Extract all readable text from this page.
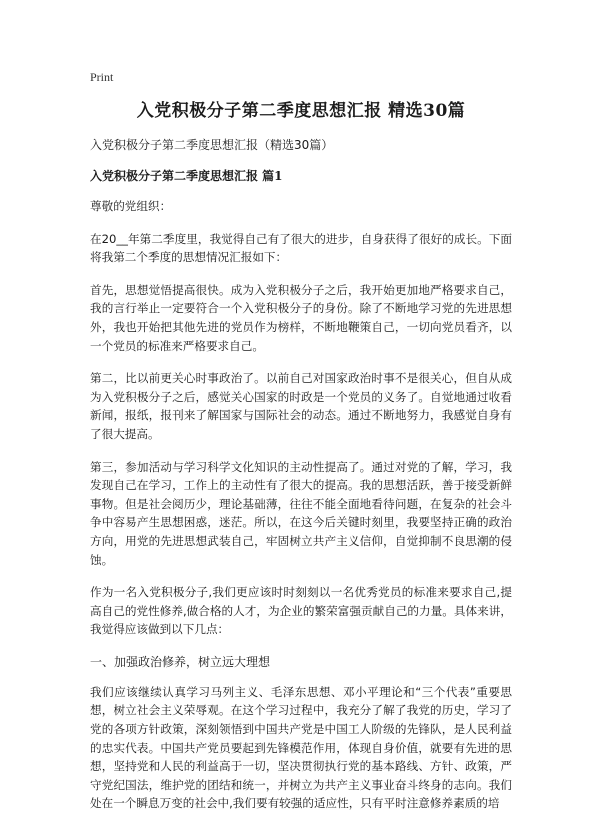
Print
入党积极分子第二季度思想汇报 精选30篇
入党积极分子第二季度思想汇报（精选30篇）
入党积极分子第二季度思想汇报 篇1

尊敬的党组织：

在20__年第二季度里，我觉得自己有了很大的进步，自身获得了很好的成长。下面将我第二个季度的思想情况汇报如下：

首先，思想觉悟提高很快。成为入党积极分子之后，我开始更加地严格要求自己，我的言行举止一定要符合一个入党积极分子的身份。除了不断地学习党的先进思想外，我也开始把其他先进的党员作为榜样，不断地鞭策自己，一切向党员看齐，以一个党员的标准来严格要求自己。

第二，比以前更关心时事政治了。以前自己对国家政治时事不是很关心，但自从成为入党积极分子之后，感觉关心国家的时政是一个党员的义务了。自觉地通过收看新闻，报纸，报刊来了解国家与国际社会的动态。通过不断地努力，我感觉自身有了很大提高。

第三，参加活动与学习科学文化知识的主动性提高了。通过对党的了解，学习，我发现自己在学习，工作上的主动性有了很大的提高。我的思想活跃，善于接受新鲜事物。但是社会阅历少，理论基础薄，往往不能全面地看待问题，在复杂的社会斗争中容易产生思想困惑，迷茫。所以，在这今后关键时刻里，我要坚持正确的政治方向，用党的先进思想武装自己，牢固树立共产主义信仰，自觉抑制不良思潮的侵蚀。

作为一名入党积极分子,我们更应该时时刻刻以一名优秀党员的标准来要求自己,提高自己的党性修养,做合格的人才，为企业的繁荣富强贡献自己的力量。具体来讲，我觉得应该做到以下几点：

一、加强政治修养，树立远大理想

我们应该继续认真学习马列主义、毛泽东思想、邓小平理论和“三个代表”重要思想，树立社会主义荣辱观。在这个学习过程中，我充分了解了我党的历史，学习了党的各项方针政策，深刻领悟到中国共产党是中国工人阶级的先锋队，是人民利益的忠实代表。中国共产党员要起到先锋模范作用，体现自身价值，就要有先进的思想，坚持党和人民的利益高于一切，坚决贯彻执行党的基本路线、方针、政策，严守党纪国法，维护党的团结和统一，并树立为共产主义事业奋斗终身的志向。我们处在一个瞬息万变的社会中,我们要有较强的适应性，只有平时注意修养素质的培
